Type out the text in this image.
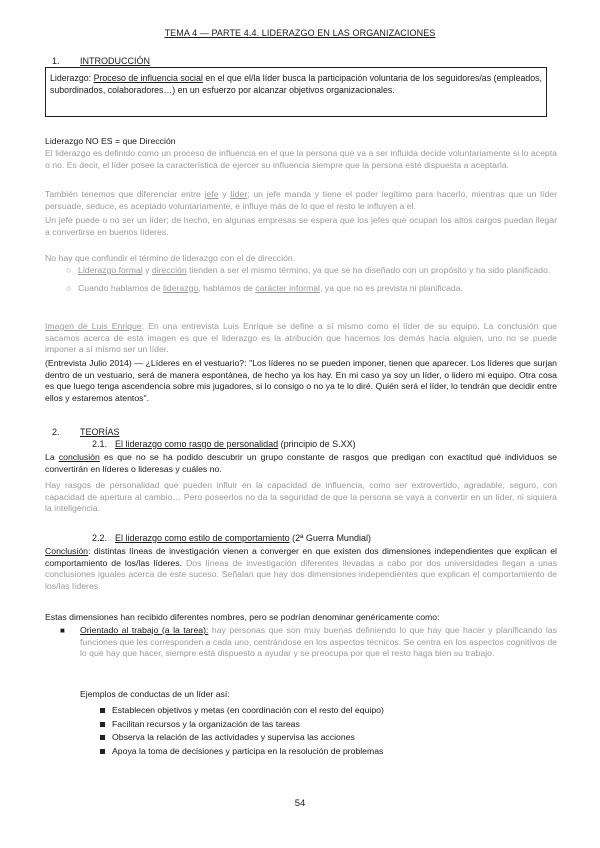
TEMA 4 — PARTE 4.4. LIDERAZGO EN LAS ORGANIZACIONES
1. INTRODUCCIÓN
Liderazgo: Proceso de influencia social en el que el/la líder busca la participación voluntaria de los seguidores/as (empleados, subordinados, colaboradores…) en un esfuerzo por alcanzar objetivos organizacionales.
Liderazgo NO ES = que Dirección
El liderazgo es definido como un proceso de influencia en el que la persona que va a ser influida decide voluntariamente si lo acepta o no. Es decir, el líder posee la característica de ejercer su influencia siempre que la persona esté dispuesta a aceptarla.
También tenemos que diferenciar entre jefe y líder; un jefe manda y tiene el poder legítimo para hacerlo, mientras que un líder persuade, seduce, es aceptado voluntariamente, e influye más de lo que el resto le influyen a el.
Un jefe puede o no ser un líder; de hecho, en algunas empresas se espera que los jefes que ocupan los altos cargos puedan llegar a convertirse en buenos líderes.
No hay que confundir el término de liderazgo con el de dirección.
○ Liderazgo formal y dirección tienden a ser el mismo término, ya que se ha diseñado con un propósito y ha sido planificado.
○ Cuando hablamos de liderazgo, hablamos de carácter informal, ya que no es prevista ni planificada.
Imagen de Luis Enrique: En una entrevista Luis Enrique se define a sí mismo como el líder de su equipo. La conclusión que sacamos acerca de esta imagen es que el liderazgo es la atribución que hacemos los demás hacia alguien, uno no se puede imponer a sí mismo ser un líder.
(Entrevista Julio 2014) — ¿Líderes en el vestuario?: "Los líderes no se pueden imponer, tienen que aparecer. Los líderes que surjan dentro de un vestuario, será de manera espontánea, de hecho ya los hay. En mi caso ya soy un líder, o lidero mi equipo. Otra cosa es que luego tenga ascendencia sobre mis jugadores, si lo consigo o no ya te lo diré. Quién será el líder, lo tendrán que decidir entre ellos y estaremos atentos".
2. TEORÍAS
2.1. El liderazgo como rasgo de personalidad (principio de S.XX)
La conclusión es que no se ha podido descubrir un grupo constante de rasgos que predigan con exactitud qué individuos se convertirán en líderes o lideresas y cuáles no.
Hay rasgos de personalidad que pueden influir en la capacidad de influencia, como ser extrovertido, agradable, seguro, con capacidad de apertura al cambio… Pero poseerlos no da la seguridad de que la persona se vaya a convertir en un líder, ni siquiera la inteligencia.
2.2. El liderazgo como estilo de comportamiento (2ª Guerra Mundial)
Conclusión: distintas líneas de investigación vienen a converger en que existen dos dimensiones independientes que explican el comportamiento de los/las líderes. Dos líneas de investigación diferentes llevadas a cabo por dos universidades llegan a unas conclusiones iguales acerca de este suceso. Señalan que hay dos dimensiones independientes que explican el comportamiento de los/las líderes.
Estas dimensiones han recibido diferentes nombres, pero se podrían denominar genéricamente como:
■ Orientado al trabajo (a la tarea): hay personas que son muy buenas definiendo lo que hay que hacer y planificando las funciones que les corresponden a cada uno, centrándose en los aspectos técnicos. Se centra en los aspectos cognitivos de lo que hay que hacer, siempre está dispuesto a ayudar y se preocupa por que el resto haga bien su trabajo.
Ejemplos de conductas de un líder así:
Establecen objetivos y metas (en coordinación con el resto del equipo)
Facilitan recursos y la organización de las tareas
Observa la relación de las actividades y supervisa las acciones
Apoya la toma de decisiones y participa en la resolución de problemas
54
